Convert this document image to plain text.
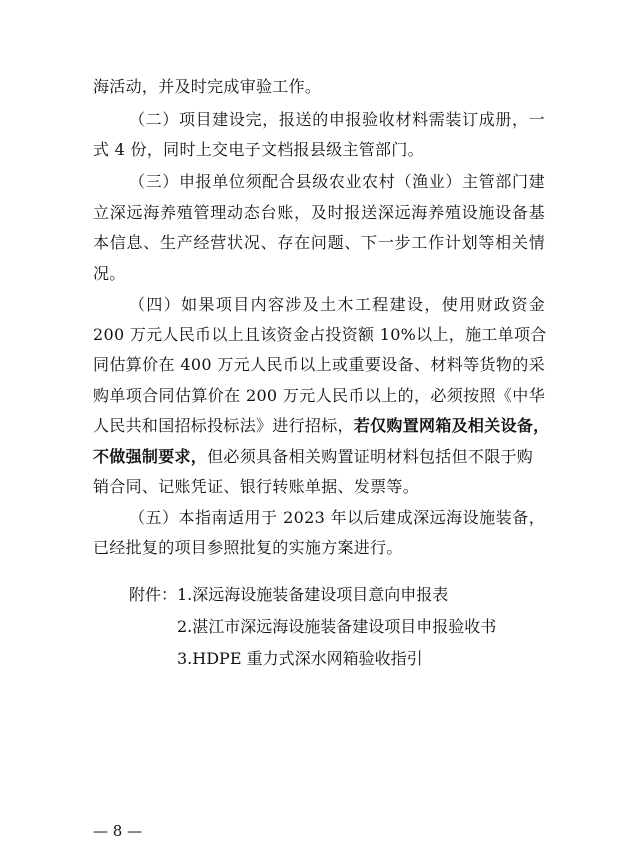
海活动，并及时完成审验工作。
（二）项目建设完，报送的申报验收材料需装订成册，一
式 4 份，同时上交电子文档报县级主管部门。
（三）申报单位须配合县级农业农村（渔业）主管部门建
立深远海养殖管理动态台账，及时报送深远海养殖设施设备基
本信息、生产经营状况、存在问题、下一步工作计划等相关情
况。
（四）如果项目内容涉及土木工程建设，使用财政资金
200 万元人民币以上且该资金占投资额 10%以上，施工单项合
同估算价在 400 万元人民币以上或重要设备、材料等货物的采
购单项合同估算价在 200 万元人民币以上的，必须按照《中华
人民共和国招标投标法》进行招标，若仅购置网箱及相关设备，
不做强制要求，但必须具备相关购置证明材料包括但不限于购
销合同、记账凭证、银行转账单据、发票等。
（五）本指南适用于 2023 年以后建成深远海设施装备，
已经批复的项目参照批复的实施方案进行。
附件： 1.深远海设施装备建设项目意向申报表
2.湛江市深远海设施装备建设项目申报验收书
3.HDPE 重力式深水网箱验收指引
— 8 —
